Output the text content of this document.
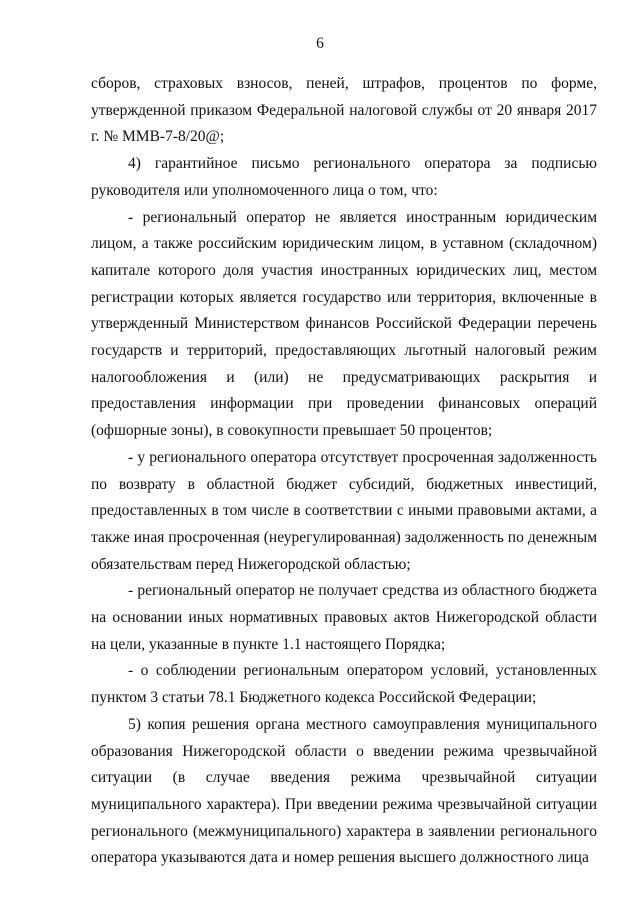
6

сборов, страховых взносов, пеней, штрафов, процентов по форме, утвержденной приказом Федеральной налоговой службы от 20 января 2017 г. № ММВ-7-8/20@;

4) гарантийное письмо регионального оператора за подписью руководителя или уполномоченного лица о том, что:

- региональный оператор не является иностранным юридическим лицом, а также российским юридическим лицом, в уставном (складочном) капитале которого доля участия иностранных юридических лиц, местом регистрации которых является государство или территория, включенные в утвержденный Министерством финансов Российской Федерации перечень государств и территорий, предоставляющих льготный налоговый режим налогообложения и (или) не предусматривающих раскрытия и предоставления информации при проведении финансовых операций (офшорные зоны), в совокупности превышает 50 процентов;

- у регионального оператора отсутствует просроченная задолженность по возврату в областной бюджет субсидий, бюджетных инвестиций, предоставленных в том числе в соответствии с иными правовыми актами, а также иная просроченная (неурегулированная) задолженность по денежным обязательствам перед Нижегородской областью;

- региональный оператор не получает средства из областного бюджета на основании иных нормативных правовых актов Нижегородской области на цели, указанные в пункте 1.1 настоящего Порядка;

- о соблюдении региональным оператором условий, установленных пунктом 3 статьи 78.1 Бюджетного кодекса Российской Федерации;

5) копия решения органа местного самоуправления муниципального образования Нижегородской области о введении режима чрезвычайной ситуации (в случае введения режима чрезвычайной ситуации муниципального характера). При введении режима чрезвычайной ситуации регионального (межмуниципального) характера в заявлении регионального оператора указываются дата и номер решения высшего должностного лица
